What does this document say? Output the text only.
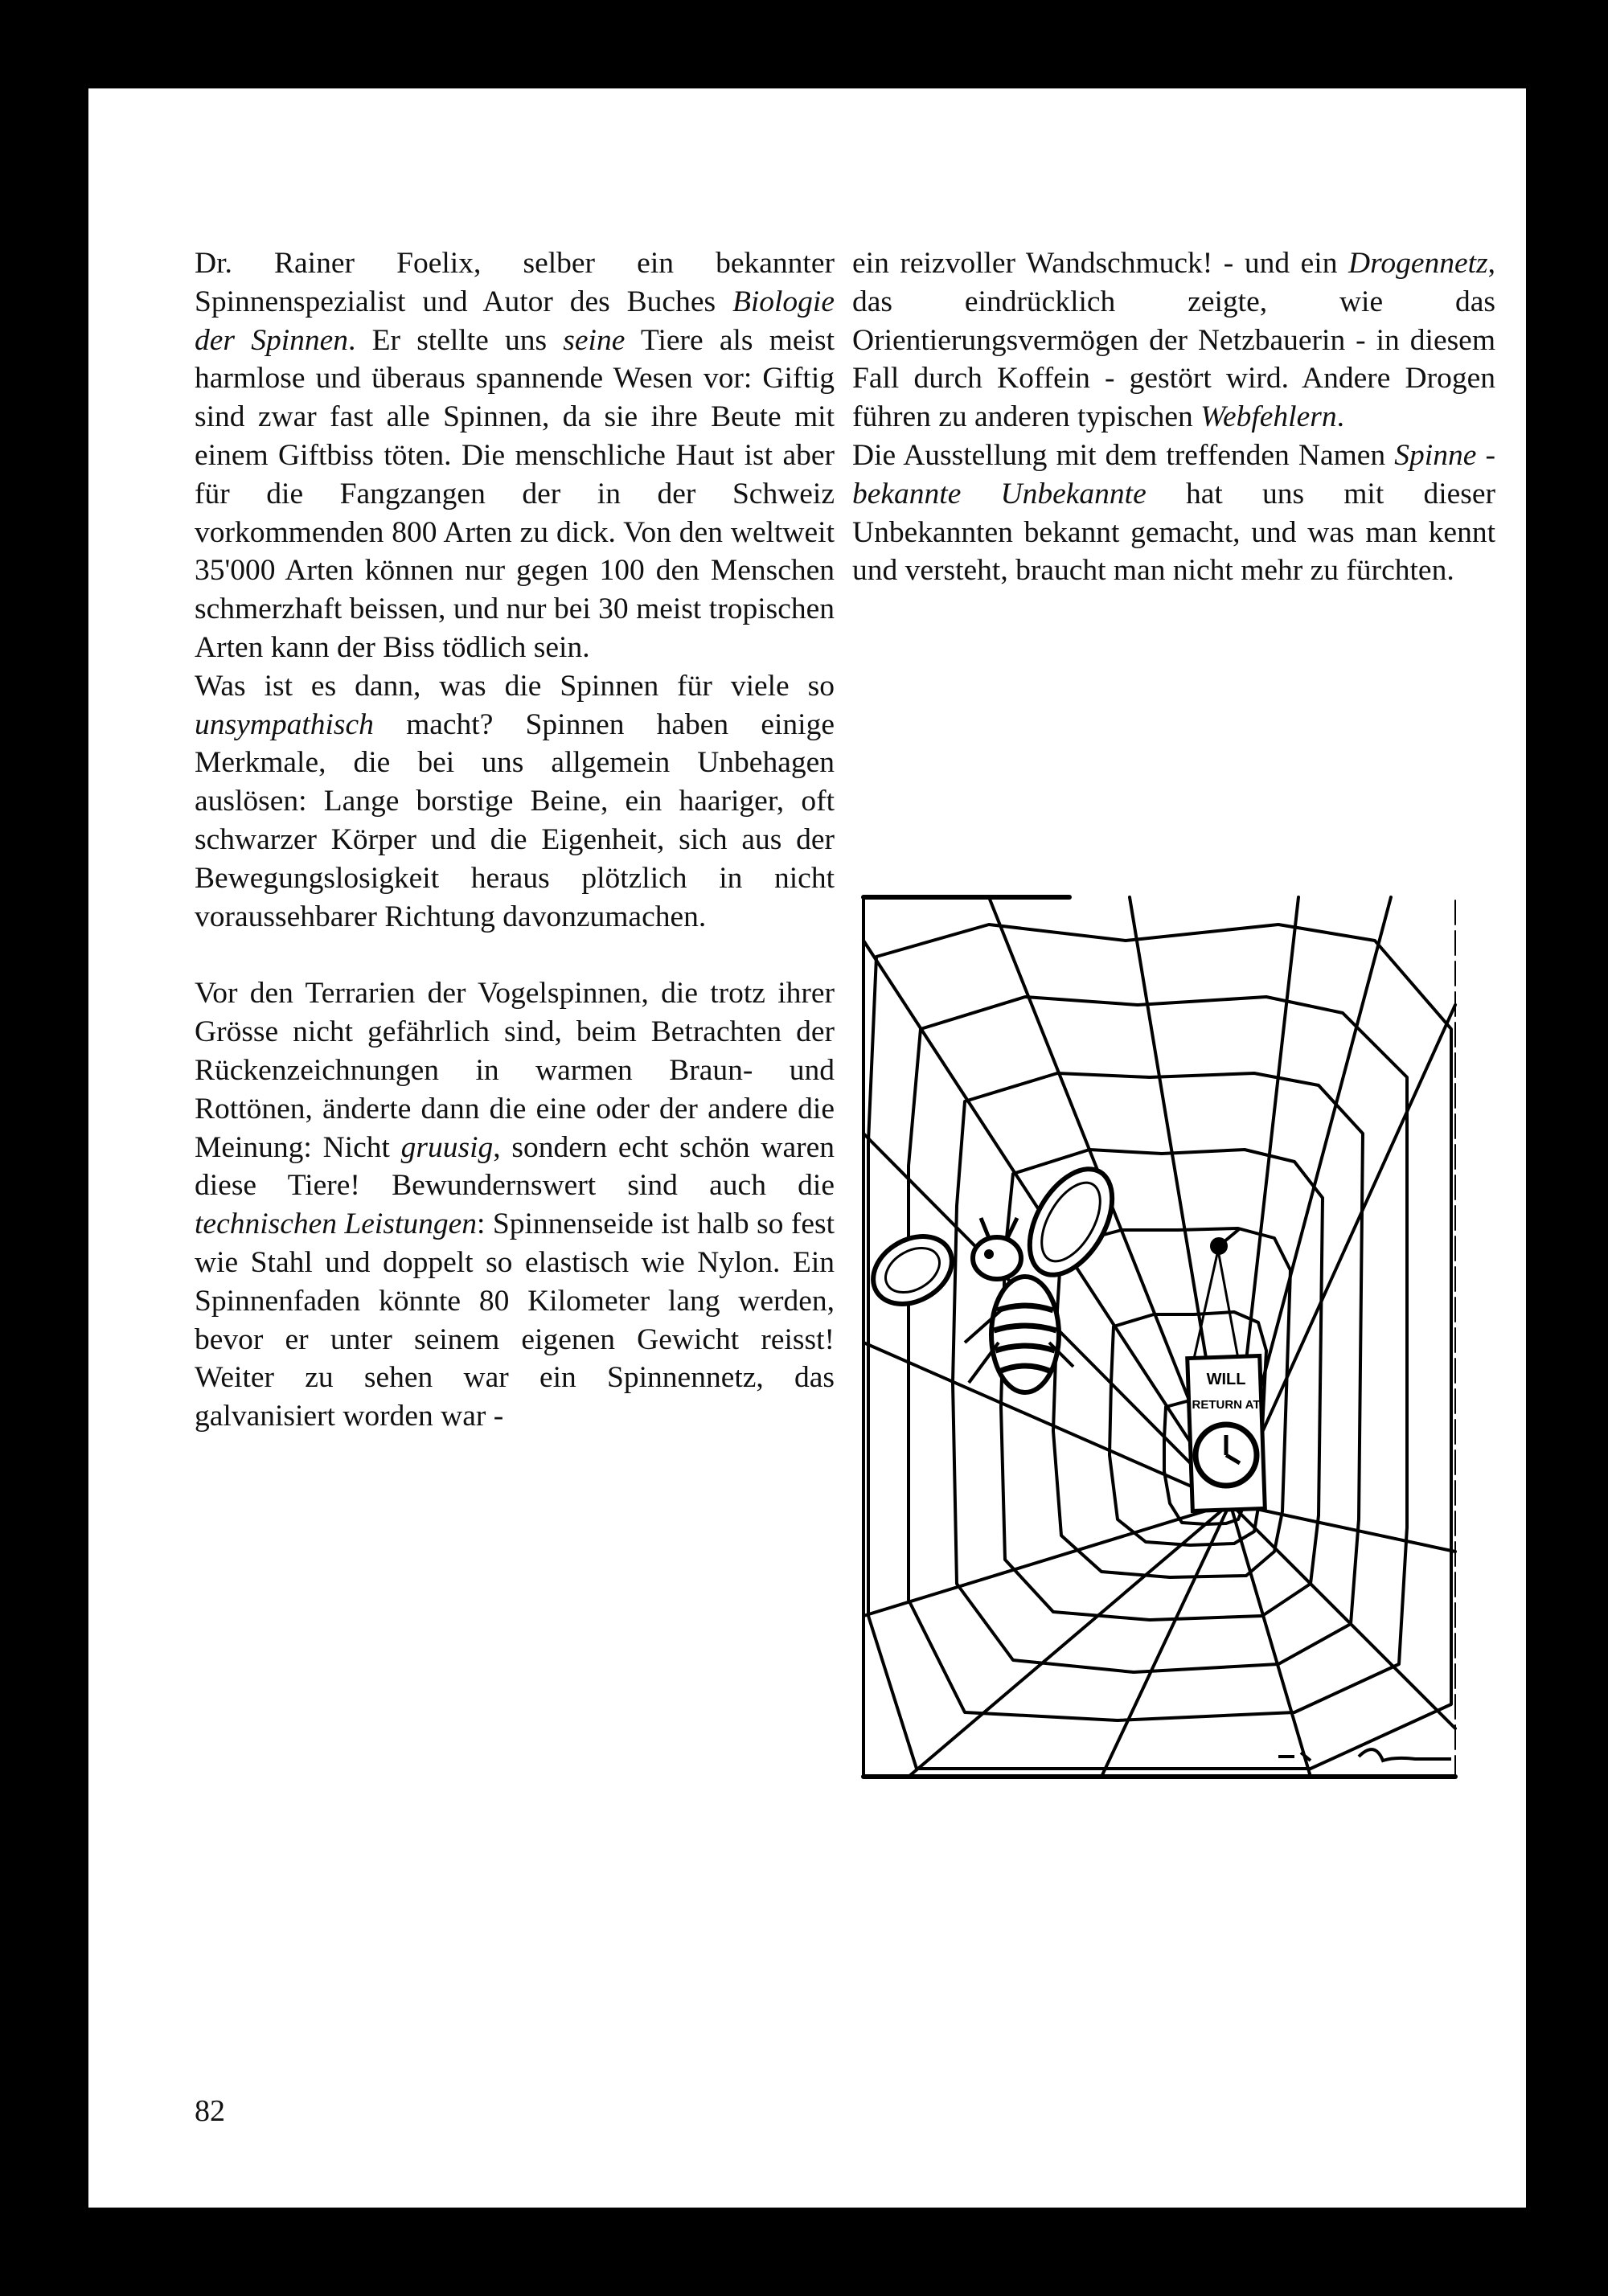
Dr. Rainer Foelix, selber ein bekannter Spinnenspezialist und Autor des Buches Biologie der Spinnen. Er stellte uns seine Tiere als meist harmlose und überaus spannende Wesen vor: Giftig sind zwar fast alle Spinnen, da sie ihre Beute mit einem Giftbiss töten. Die menschliche Haut ist aber für die Fangzangen der in der Schweiz vorkommenden 800 Arten zu dick. Von den weltweit 35'000 Arten können nur gegen 100 den Menschen schmerzhaft beissen, und nur bei 30 meist tropischen Arten kann der Biss tödlich sein.

Was ist es dann, was die Spinnen für viele so unsympathisch macht? Spinnen haben einige Merkmale, die bei uns allgemein Unbehagen auslösen: Lange borstige Beine, ein haariger, oft schwarzer Körper und die Eigenheit, sich aus der Bewegungslosigkeit heraus plötzlich in nicht voraussehbarer Richtung davonzumachen.

Vor den Terrarien der Vogelspinnen, die trotz ihrer Grösse nicht gefährlich sind, beim Betrachten der Rückenzeichnungen in warmen Braun- und Rottönen, änderte dann die eine oder der andere die Meinung: Nicht gruusig, sondern echt schön waren diese Tiere! Bewundernswert sind auch die technischen Leistungen: Spinnenseide ist halb so fest wie Stahl und doppelt so elastisch wie Nylon. Ein Spinnenfaden könnte 80 Kilometer lang werden, bevor er unter seinem eigenen Gewicht reisst! Weiter zu sehen war ein Spinnennetz, das galvanisiert worden war -

ein reizvoller Wandschmuck! - und ein Drogennetz, das eindrücklich zeigte, wie das Orientierungsvermögen der Netzbauerin - in diesem Fall durch Koffein - gestört wird. Andere Drogen führen zu anderen typischen Webfehlern.

Die Ausstellung mit dem treffenden Namen Spinne - bekannte Unbekannte hat uns mit dieser Unbekannten bekannt gemacht, und was man kennt und versteht, braucht man nicht mehr zu fürchten.

WILL
RETURN AT
82
